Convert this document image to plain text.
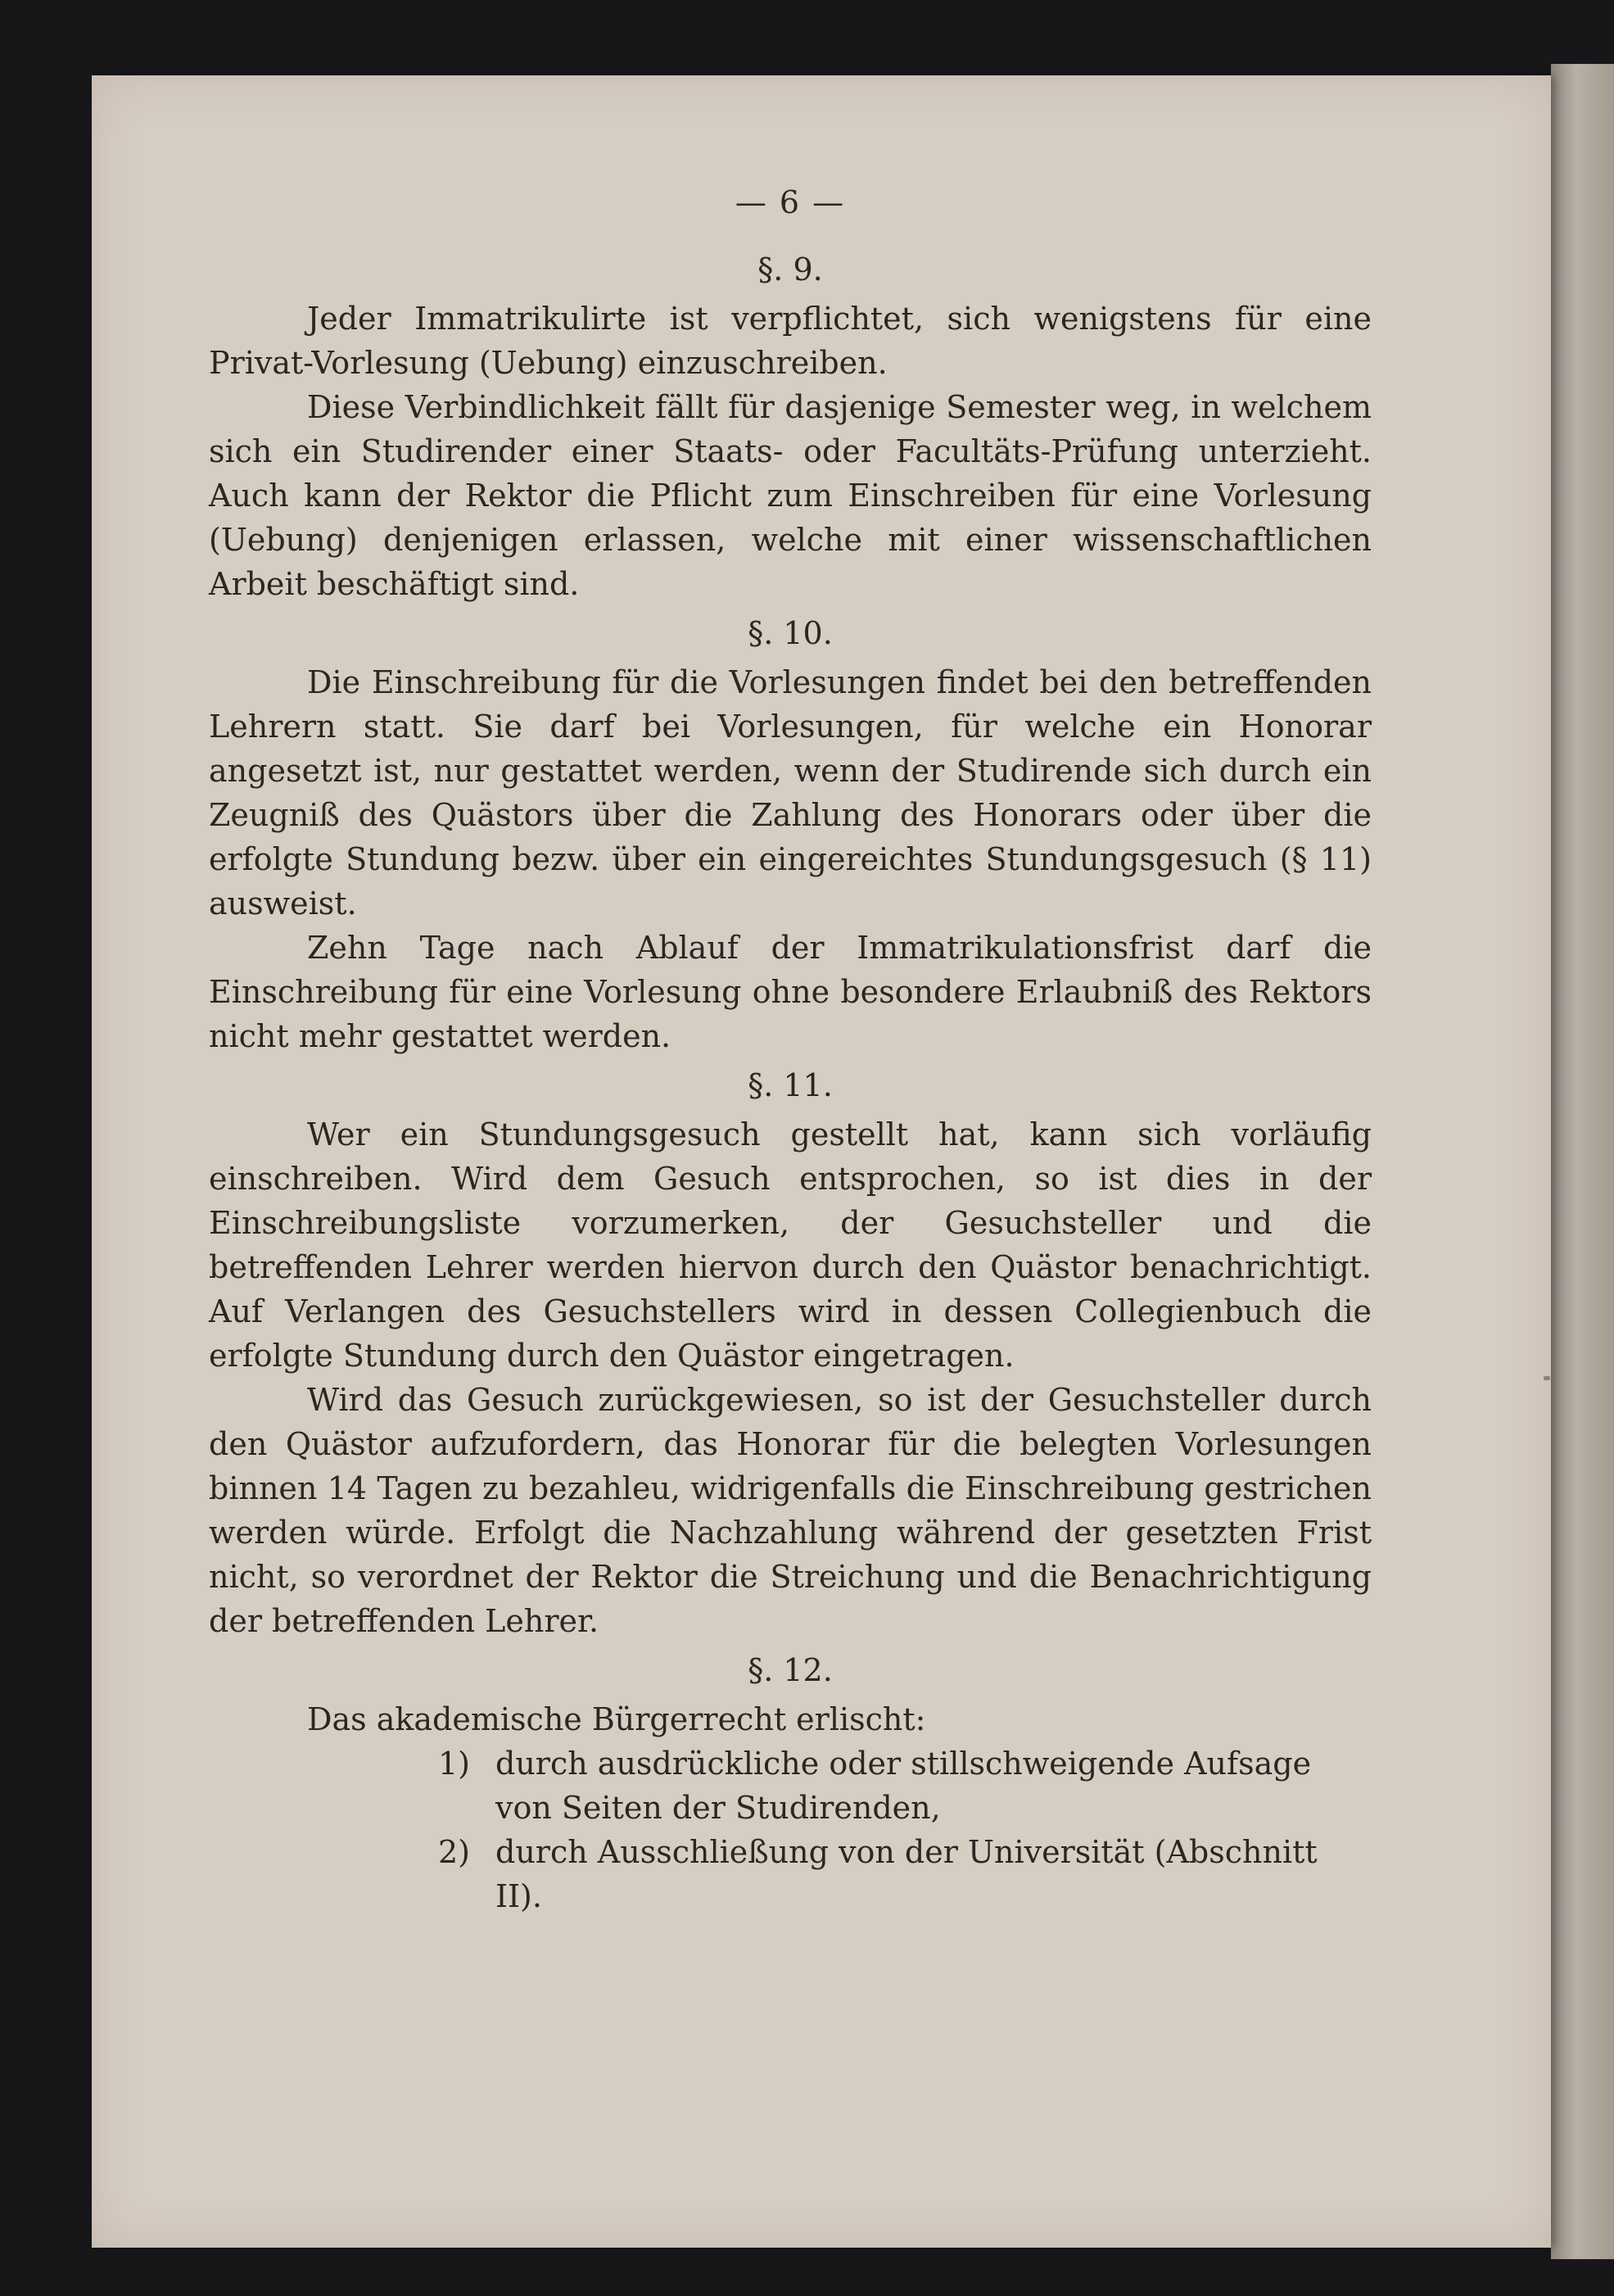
— 6 —
§. 9.

Jeder Immatrikulirte ist verpflichtet, sich wenigstens für eine Privat-Vorlesung (Uebung) einzuschreiben.

Diese Verbindlichkeit fällt für dasjenige Semester weg, in welchem sich ein Studirender einer Staats- oder Facultäts-Prüfung unterzieht. Auch kann der Rektor die Pflicht zum Einschreiben für eine Vorlesung (Uebung) denjenigen erlassen, welche mit einer wissenschaftlichen Arbeit beschäftigt sind.

§. 10.

Die Einschreibung für die Vorlesungen findet bei den betreffenden Lehrern statt. Sie darf bei Vorlesungen, für welche ein Honorar angesetzt ist, nur gestattet werden, wenn der Studirende sich durch ein Zeugniß des Quästors über die Zahlung des Honorars oder über die erfolgte Stundung bezw. über ein eingereichtes Stundungsgesuch (§ 11) ausweist.

Zehn Tage nach Ablauf der Immatrikulationsfrist darf die Einschreibung für eine Vorlesung ohne besondere Erlaubniß des Rektors nicht mehr gestattet werden.

§. 11.

Wer ein Stundungsgesuch gestellt hat, kann sich vorläufig einschreiben. Wird dem Gesuch entsprochen, so ist dies in der Einschreibungsliste vorzumerken, der Gesuchsteller und die betreffenden Lehrer werden hiervon durch den Quästor benachrichtigt. Auf Verlangen des Gesuchstellers wird in dessen Collegienbuch die erfolgte Stundung durch den Quästor eingetragen.

Wird das Gesuch zurückgewiesen, so ist der Gesuchsteller durch den Quästor aufzufordern, das Honorar für die belegten Vorlesungen binnen 14 Tagen zu bezahleu, widrigenfalls die Einschreibung gestrichen werden würde. Erfolgt die Nachzahlung während der gesetzten Frist nicht, so verordnet der Rektor die Streichung und die Benachrichtigung der betreffenden Lehrer.

§. 12.

Das akademische Bürgerrecht erlischt:

1) durch ausdrückliche oder stillschweigende Aufsage von Seiten der Studirenden,
2) durch Ausschließung von der Universität (Abschnitt II).
